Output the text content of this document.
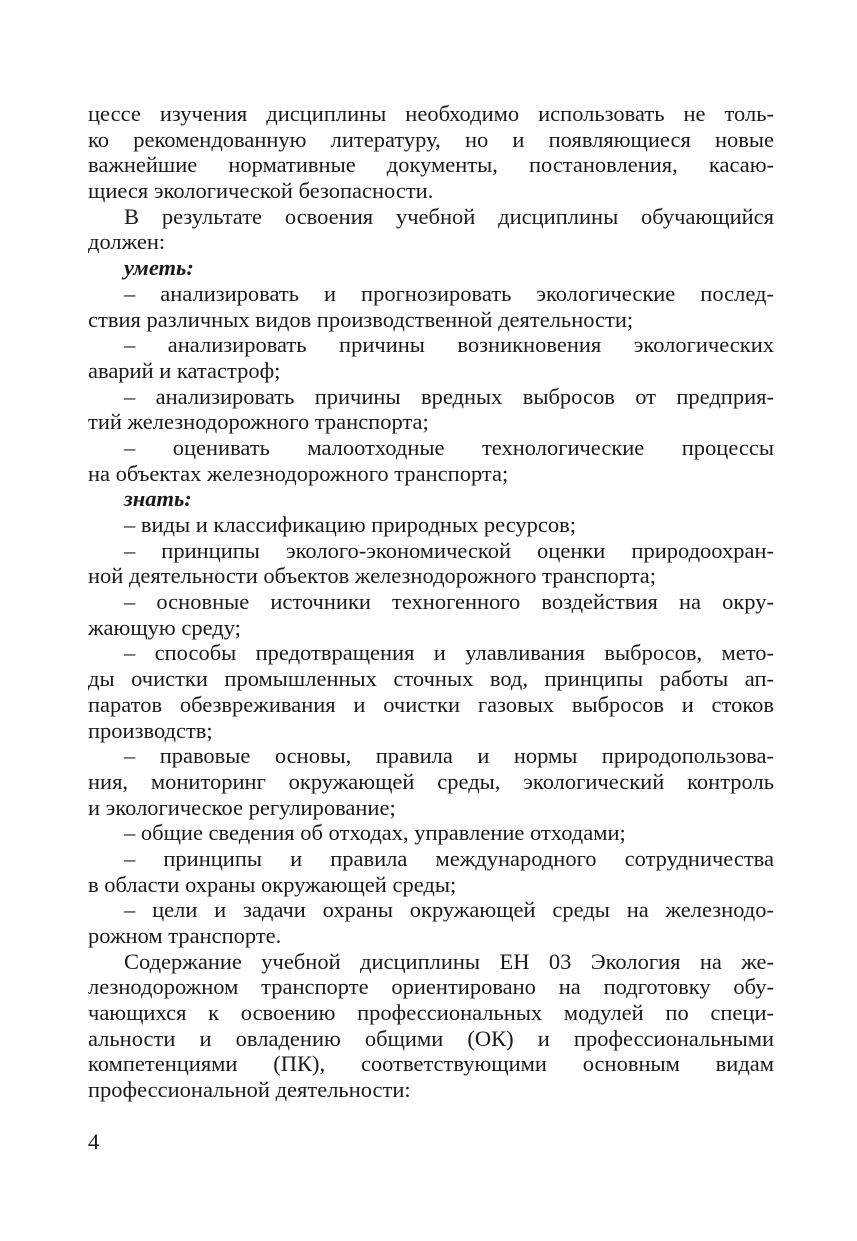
цессе изучения дисциплины необходимо использовать не толь-
ко рекомендованную литературу, но и появляющиеся новые
важнейшие нормативные документы, постановления, касаю-
щиеся экологической безопасности.
В результате освоения учебной дисциплины обучающийся
должен:
уметь:
– анализировать и прогнозировать экологические послед-
ствия различных видов производственной деятельности;
– анализировать причины возникновения экологических
аварий и катастроф;
– анализировать причины вредных выбросов от предприя-
тий железнодорожного транспорта;
– оценивать малоотходные технологические процессы
на объектах железнодорожного транспорта;
знать:
– виды и классификацию природных ресурсов;
– принципы эколого-экономической оценки природоохран-
ной деятельности объектов железнодорожного транспорта;
– основные источники техногенного воздействия на окру-
жающую среду;
– способы предотвращения и улавливания выбросов, мето-
ды очистки промышленных сточных вод, принципы работы ап-
паратов обезвреживания и очистки газовых выбросов и стоков
производств;
– правовые основы, правила и нормы природопользова-
ния, мониторинг окружающей среды, экологический контроль
и экологическое регулирование;
– общие сведения об отходах, управление отходами;
– принципы и правила международного сотрудничества
в области охраны окружающей среды;
– цели и задачи охраны окружающей среды на железнодо-
рожном транспорте.
Содержание учебной дисциплины ЕН 03 Экология на же-
лезнодорожном транспорте ориентировано на подготовку обу-
чающихся к освоению профессиональных модулей по специ-
альности и овладению общими (ОК) и профессиональными
компетенциями (ПК), соответствующими основным видам
профессиональной деятельности:
4
